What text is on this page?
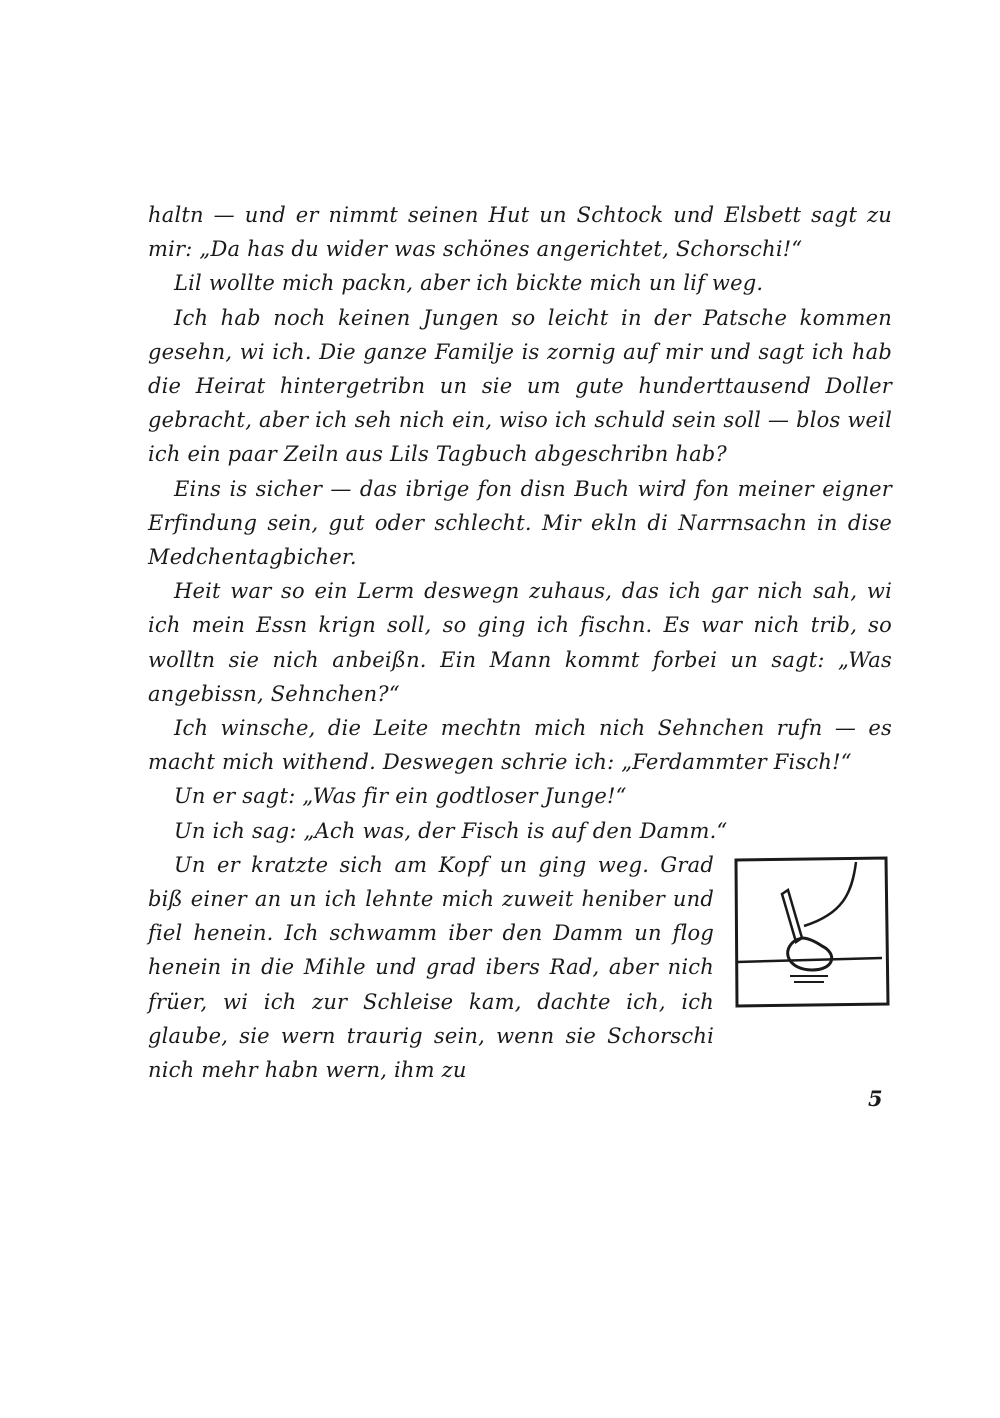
haltn — und er nimmt seinen Hut un Schtock und Elsbett sagt zu mir: „Da has du wider was schönes angerichtet, Schorschi!“

Lil wollte mich packn, aber ich bickte mich un lif weg.

Ich hab noch keinen Jungen so leicht in der Patsche kommen gesehn, wi ich. Die ganze Familje is zornig auf mir und sagt ich hab die Heirat hintergetribn un sie um gute hunderttausend Doller gebracht, aber ich seh nich ein, wiso ich schuld sein soll — blos weil ich ein paar Zeiln aus Lils Tagbuch abgeschribn hab?

Eins is sicher — das ibrige fon disn Buch wird fon meiner eigner Erfindung sein, gut oder schlecht. Mir ekln di Narrnsachn in dise Medchentagbicher.

Heit war so ein Lerm deswegn zuhaus, das ich gar nich sah, wi ich mein Essn krign soll, so ging ich fischn. Es war nich trib, so wolltn sie nich anbeißn. Ein Mann kommt forbei un sagt: „Was angebissn, Sehnchen?“

Ich winsche, die Leite mechtn mich nich Sehnchen rufn — es macht mich withend. Deswegen schrie ich: „Ferdammter Fisch!“

Un er sagt: „Was fir ein godtloser Junge!“

Un ich sag: „Ach was, der Fisch is auf den Damm.“

Un er kratzte sich am Kopf un ging weg. Grad biß einer an un ich lehnte mich zuweit heniber und fiel henein. Ich schwamm iber den Damm un flog henein in die Mihle und grad ibers Rad, aber nich früer, wi ich zur Schleise kam, dachte ich, ich glaube, sie wern traurig sein, wenn sie Schorschi nich mehr habn wern, ihm zu

5
